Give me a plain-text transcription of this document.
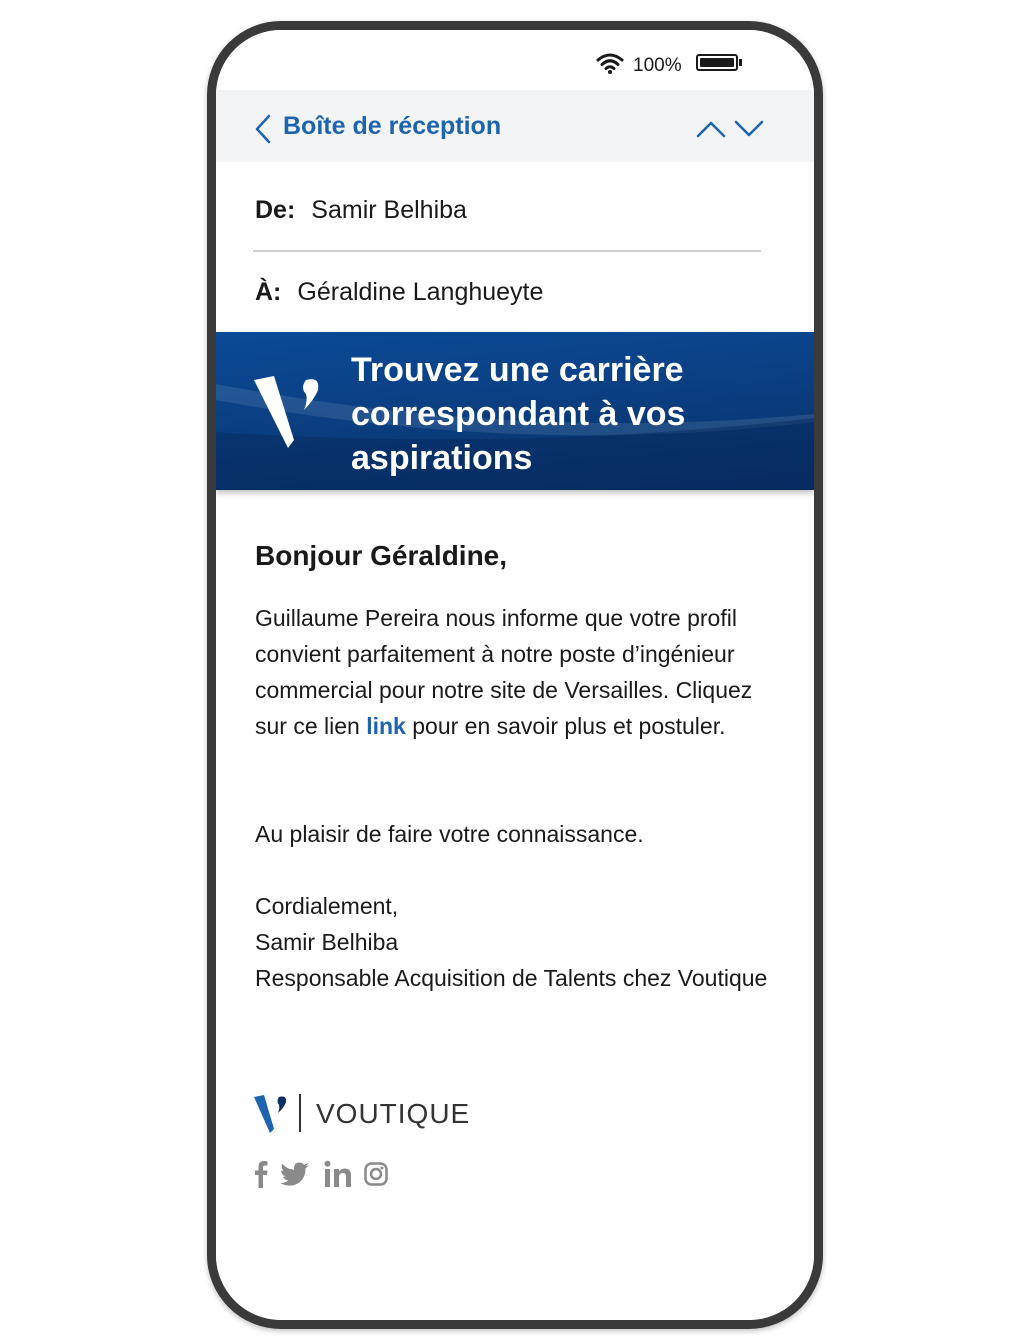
100%
Boîte de réception
De: Samir Belhiba
À: Géraldine Langhueyte
Trouvez une carrière correspondant à vos aspirations
Bonjour Géraldine,
Guillaume Pereira nous informe que votre profil convient parfaitement à notre poste d’ingénieur commercial pour notre site de Versailles. Cliquez sur ce lien link pour en savoir plus et postuler.
Au plaisir de faire votre connaissance.
Cordialement,
Samir Belhiba
Responsable Acquisition de Talents chez Voutique
VOUTIQUE
